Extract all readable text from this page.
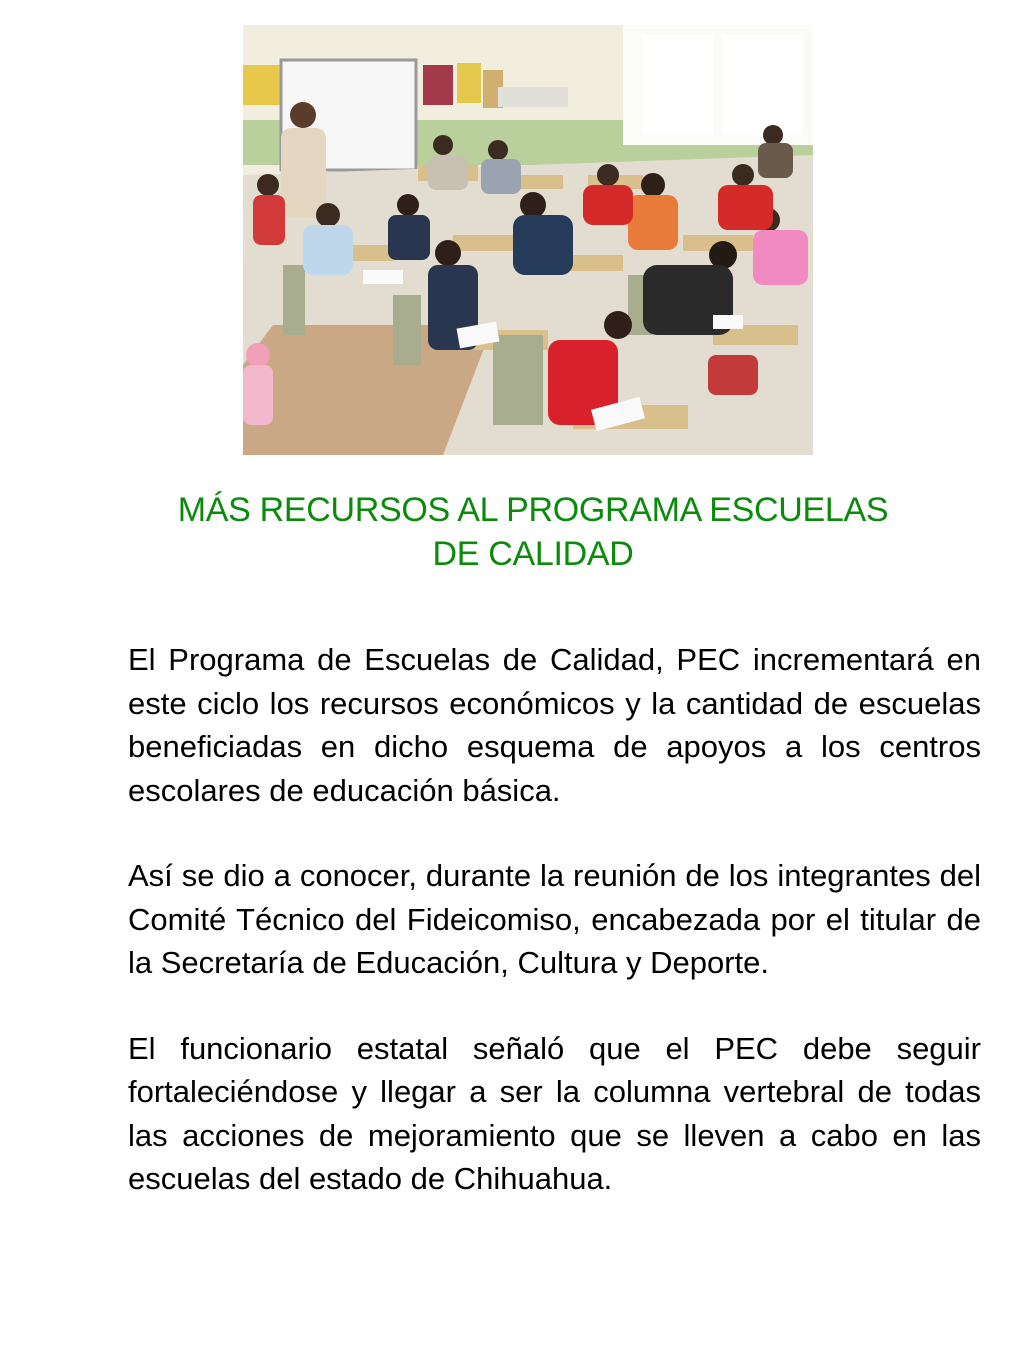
MÁS RECURSOS AL PROGRAMA ESCUELAS
DE CALIDAD

El Programa de Escuelas de Calidad, PEC incrementará en este ciclo los recursos económicos y la cantidad de escuelas beneficiadas en dicho esquema de apoyos a los centros escolares de educación básica.

Así se dio a conocer, durante la reunión de los integrantes del Comité Técnico del Fideicomiso, encabezada por el titular de la Secretaría de Educación, Cultura y Deporte.

El funcionario estatal señaló que el PEC debe seguir fortaleciéndose y llegar a ser la columna vertebral de todas las acciones de mejoramiento que se lleven a cabo en las escuelas del estado de Chihuahua.
